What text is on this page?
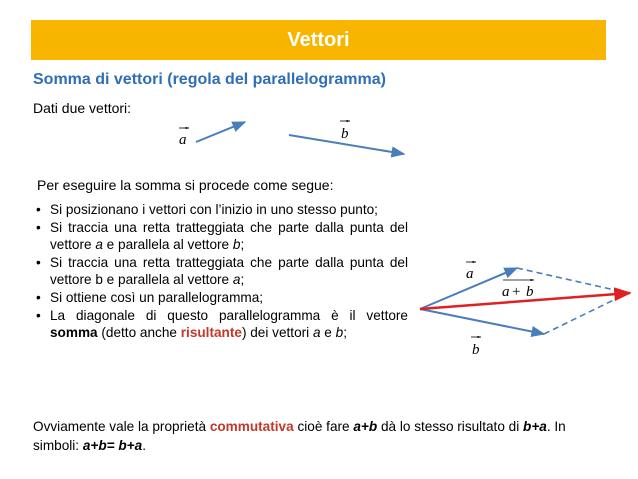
Vettori
Somma di vettori (regola del parallelogramma)
Dati due vettori:
a	b
a
a + b
b
Per eseguire la somma si procede come segue:
• Si posizionano i vettori con l’inizio in uno stesso punto;
• Si traccia una retta tratteggiata che parte dalla punta del vettore a e parallela al vettore b;
• Si traccia una retta tratteggiata che parte dalla punta del vettore b e parallela al vettore a;
• Si ottiene così un parallelogramma;
• La diagonale di questo parallelogramma è il vettore somma (detto anche risultante) dei vettori a e b;
Ovviamente vale la proprietà commutativa cioè fare a+b dà lo stesso risultato di b+a. In simboli: a+b= b+a.
